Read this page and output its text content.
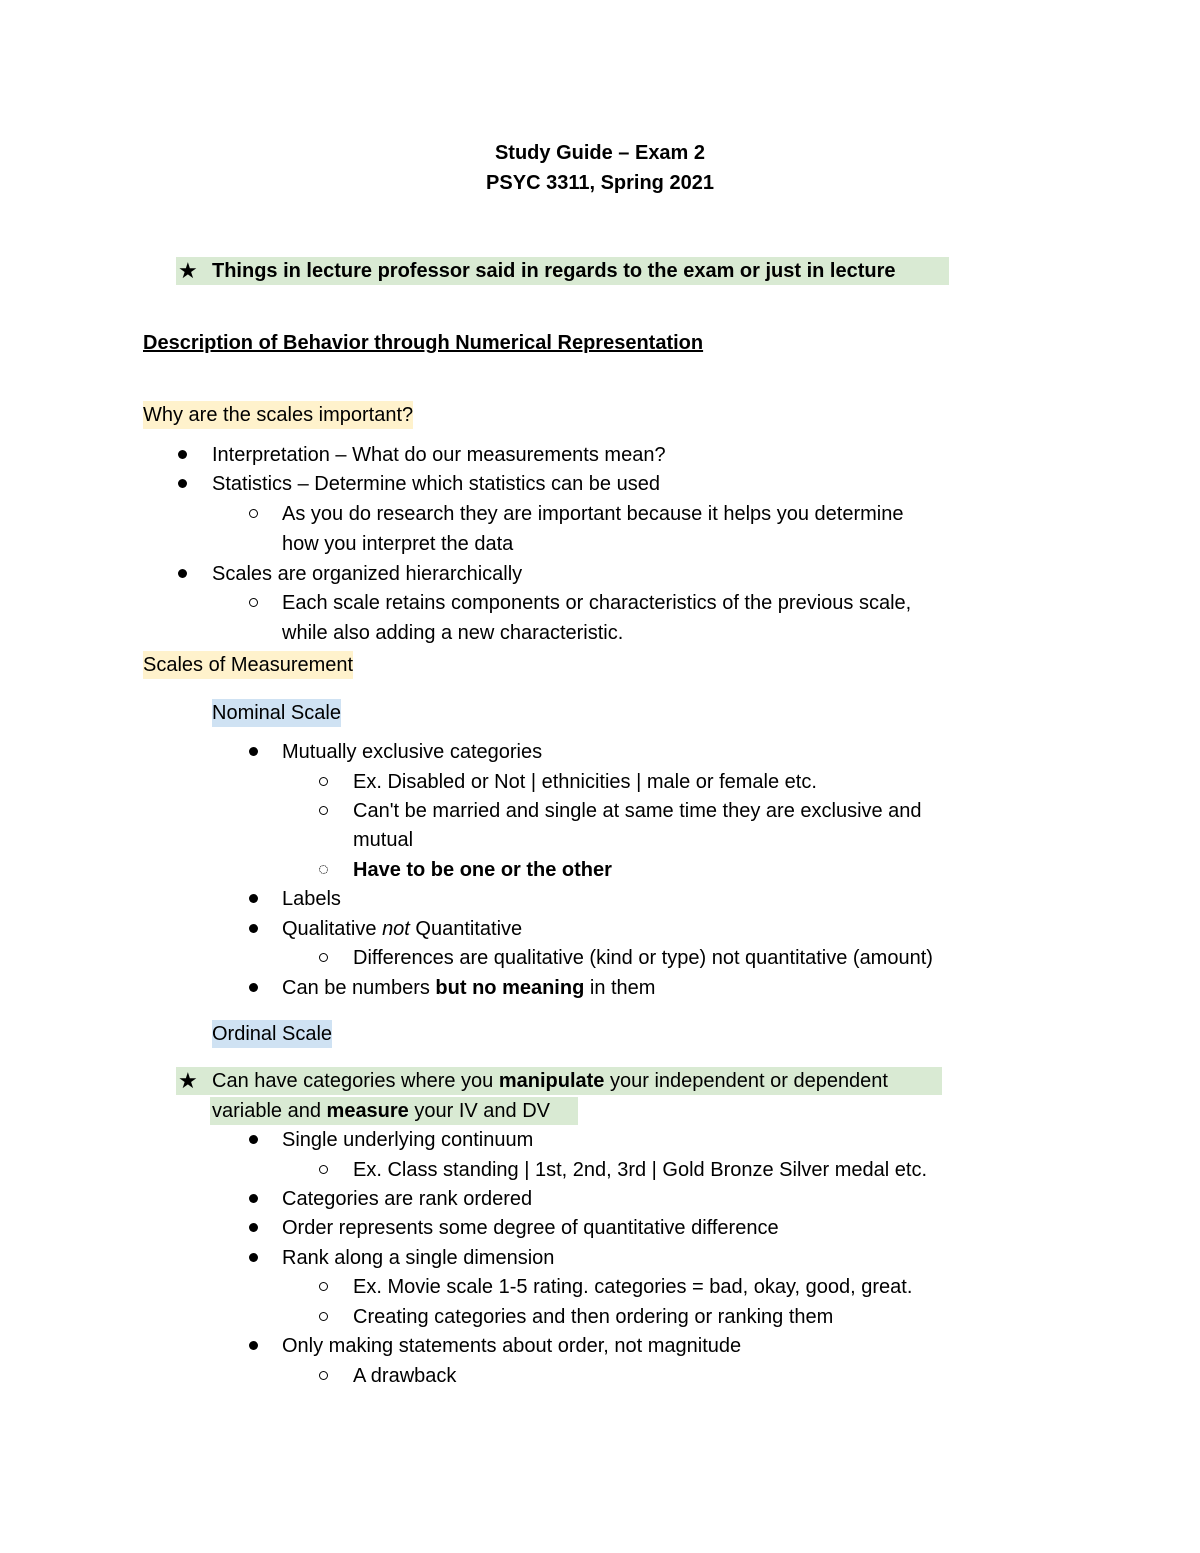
Study Guide – Exam 2
PSYC 3311, Spring 2021
★ Things in lecture professor said in regards to the exam or just in lecture
Description of Behavior through Numerical Representation
Why are the scales important?
Interpretation – What do our measurements mean?
Statistics – Determine which statistics can be used
As you do research they are important because it helps you determine
how you interpret the data
Scales are organized hierarchically
Each scale retains components or characteristics of the previous scale,
while also adding a new characteristic.
Scales of Measurement
Nominal Scale
Mutually exclusive categories
Ex. Disabled or Not | ethnicities | male or female etc.
Can't be married and single at same time they are exclusive and
mutual
Have to be one or the other
Labels
Qualitative not Quantitative
Differences are qualitative (kind or type) not quantitative (amount)
Can be numbers but no meaning in them
Ordinal Scale
★ Can have categories where you manipulate your independent or dependent
variable and measure your IV and DV
Single underlying continuum
Ex. Class standing | 1st, 2nd, 3rd | Gold Bronze Silver medal etc.
Categories are rank ordered
Order represents some degree of quantitative difference
Rank along a single dimension
Ex. Movie scale 1-5 rating. categories = bad, okay, good, great.
Creating categories and then ordering or ranking them
Only making statements about order, not magnitude
A drawback
